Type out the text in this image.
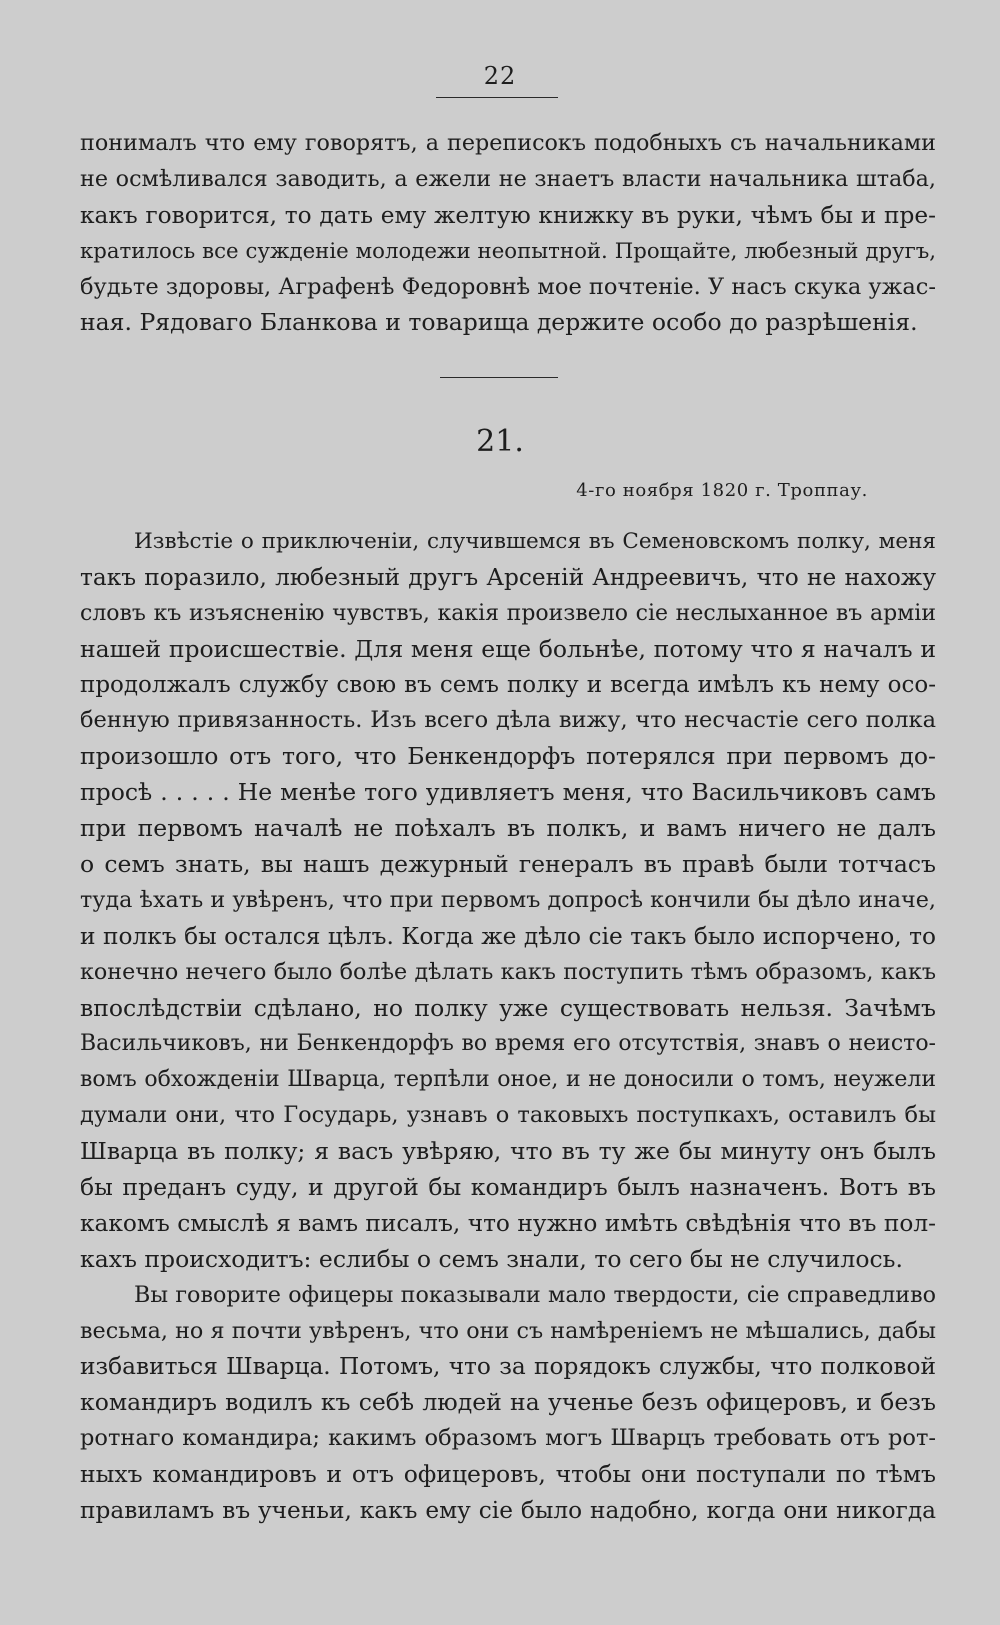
22
понималъ что ему говорятъ, а переписокъ подобныхъ съ начальниками
не осмѣливался заводить, а ежели не знаетъ власти начальника штаба,
какъ говорится, то дать ему желтую книжку въ руки, чѣмъ бы и пре-
кратилось все сужденіе молодежи неопытной. Прощайте, любезный другъ,
будьте здоровы, Аграфенѣ Федоровнѣ мое почтеніе. У насъ скука ужас-
ная. Рядоваго Бланкова и товарища держите особо до разрѣшенія.
21.
4-го ноября 1820 г. Троппау.
Извѣстіе о приключеніи, случившемся въ Семеновскомъ полку, меня
такъ поразило, любезный другъ Арсеній Андреевичъ, что не нахожу
словъ къ изъясненію чувствъ, какія произвело сіе неслыханное въ арміи
нашей происшествіе. Для меня еще больнѣе, потому что я началъ и
продолжалъ службу свою въ семъ полку и всегда имѣлъ къ нему осо-
бенную привязанность. Изъ всего дѣла вижу, что несчастіе сего полка
произошло отъ того, что Бенкендорфъ потерялся при первомъ до-
просѣ . . . . . Не менѣе того удивляетъ меня, что Васильчиковъ самъ
при первомъ началѣ не поѣхалъ въ полкъ, и вамъ ничего не далъ
о семъ знать, вы нашъ дежурный генералъ въ правѣ были тотчасъ
туда ѣхать и увѣренъ, что при первомъ допросѣ кончили бы дѣло иначе,
и полкъ бы остался цѣлъ. Когда же дѣло сіе такъ было испорчено, то
конечно нечего было болѣе дѣлать какъ поступить тѣмъ образомъ, какъ
впослѣдствіи сдѣлано, но полку уже существовать нельзя. Зачѣмъ
Васильчиковъ, ни Бенкендорфъ во время его отсутствія, знавъ о неисто-
вомъ обхожденіи Шварца, терпѣли оное, и не доносили о томъ, неужели
думали они, что Государь, узнавъ о таковыхъ поступкахъ, оставилъ бы
Шварца въ полку; я васъ увѣряю, что въ ту же бы минуту онъ былъ
бы преданъ суду, и другой бы командиръ былъ назначенъ. Вотъ въ
какомъ смыслѣ я вамъ писалъ, что нужно имѣть свѣдѣнія что въ пол-
кахъ происходитъ: еслибы о семъ знали, то сего бы не случилось.
Вы говорите офицеры показывали мало твердости, сіе справедливо
весьма, но я почти увѣренъ, что они съ намѣреніемъ не мѣшались, дабы
избавиться Шварца. Потомъ, что за порядокъ службы, что полковой
командиръ водилъ къ себѣ людей на ученье безъ офицеровъ, и безъ
ротнаго командира; какимъ образомъ могъ Шварцъ требовать отъ рот-
ныхъ командировъ и отъ офицеровъ, чтобы они поступали по тѣмъ
правиламъ въ ученьи, какъ ему сіе было надобно, когда они никогда
